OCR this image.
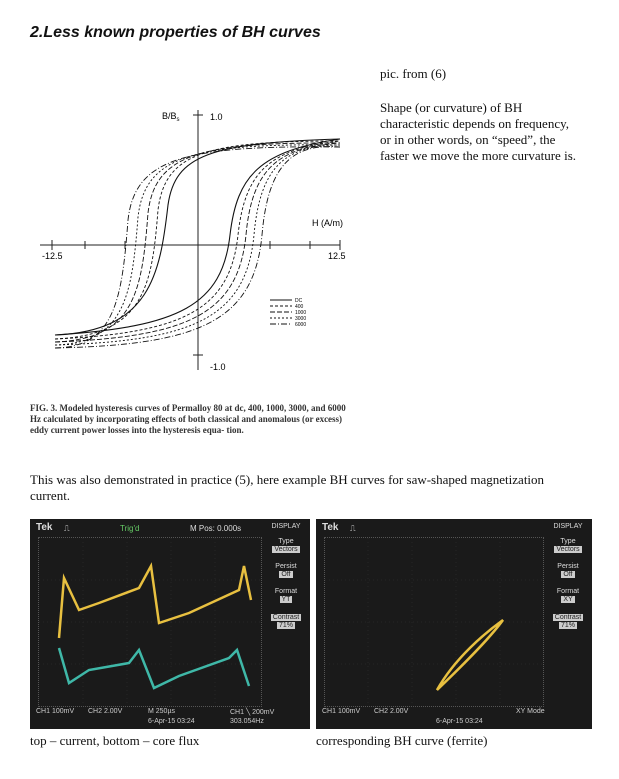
2.Less known properties of BH curves
$B/B_s$	1.0
-1.0
H (A/m)
-12.5	12.5
DC
400
1000
3000
6000
FIG. 3. Modeled hysteresis curves of Permalloy 80 at dc, 400, 1000, 3000, and 6000 Hz calculated by incorporating effects of both classical and anomalous (or excess) eddy current power losses into the hysteresis equa- tion.
pic. from (6)
Shape (or curvature) of BH characteristic depends on frequency, or in other words, on “speed”, the faster we move the more curvature is.
This was also demonstrated in practice (5), here example BH curves for saw-shaped magnetization current.
Tek ⎍	Trig'd	M Pos: 0.000s	DISPLAY
Type
Vectors
Persist
Off
Format
YT
Contrast
71%
CH1 100mV CH2 2.00V	M 250µs
6-Apr-15 03:24
CH1 ╲ 200mV
303.054Hz
Tek ⎍	DISPLAY
Type
Vectors
Persist
Off
Format
XY
Contrast
71%
CH1 100mV CH2 2.00V	XY Mode
6-Apr-15 03:24
top – current, bottom – core flux	corresponding BH curve (ferrite)
